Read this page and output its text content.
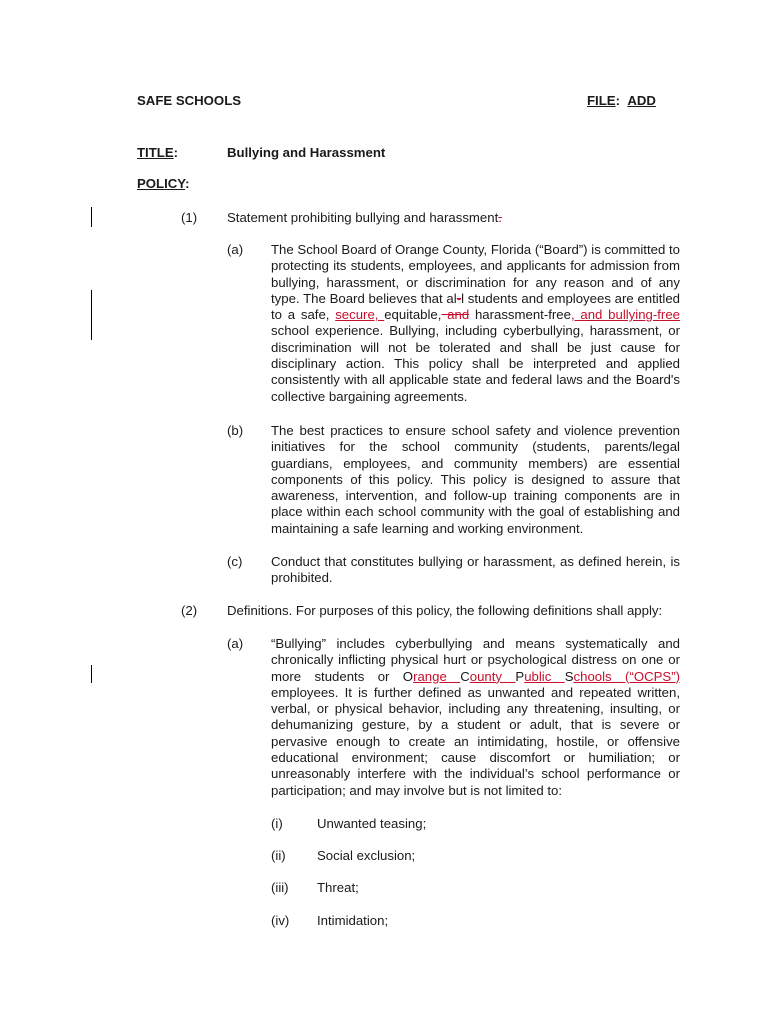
SAFE SCHOOLS	FILE: ADD
TITLE:	Bullying and Harassment
POLICY:
(1) Statement prohibiting bullying and harassment.
(a) The School Board of Orange County, Florida (“Board”) is committed to protecting its students, employees, and applicants for admission from bullying, harassment, or discrimination for any reason and of any type. The Board believes that al-l students and employees are entitled to a safe, secure, equitable, and harassment-free, and bullying-free school experience. Bullying, including cyberbullying, harassment, or discrimination will not be tolerated and shall be just cause for disciplinary action. This policy shall be interpreted and applied consistently with all applicable state and federal laws and the Board's collective bargaining agreements.
(b) The best practices to ensure school safety and violence prevention initiatives for the school community (students, parents/legal guardians, employees, and community members) are essential components of this policy. This policy is designed to assure that awareness, intervention, and follow-up training components are in place within each school community with the goal of establishing and maintaining a safe learning and working environment.
(c) Conduct that constitutes bullying or harassment, as defined herein, is prohibited.
(2) Definitions. For purposes of this policy, the following definitions shall apply:
(a) “Bullying” includes cyberbullying and means systematically and chronically inflicting physical hurt or psychological distress on one or more students or Orange County Public Schools (“OCPS”) employees. It is further defined as unwanted and repeated written, verbal, or physical behavior, including any threatening, insulting, or dehumanizing gesture, by a student or adult, that is severe or pervasive enough to create an intimidating, hostile, or offensive educational environment; cause discomfort or humiliation; or unreasonably interfere with the individual’s school performance or participation; and may involve but is not limited to:
(i)	Unwanted teasing;
(ii) Social exclusion;
(iii) Threat;
(iv) Intimidation;
